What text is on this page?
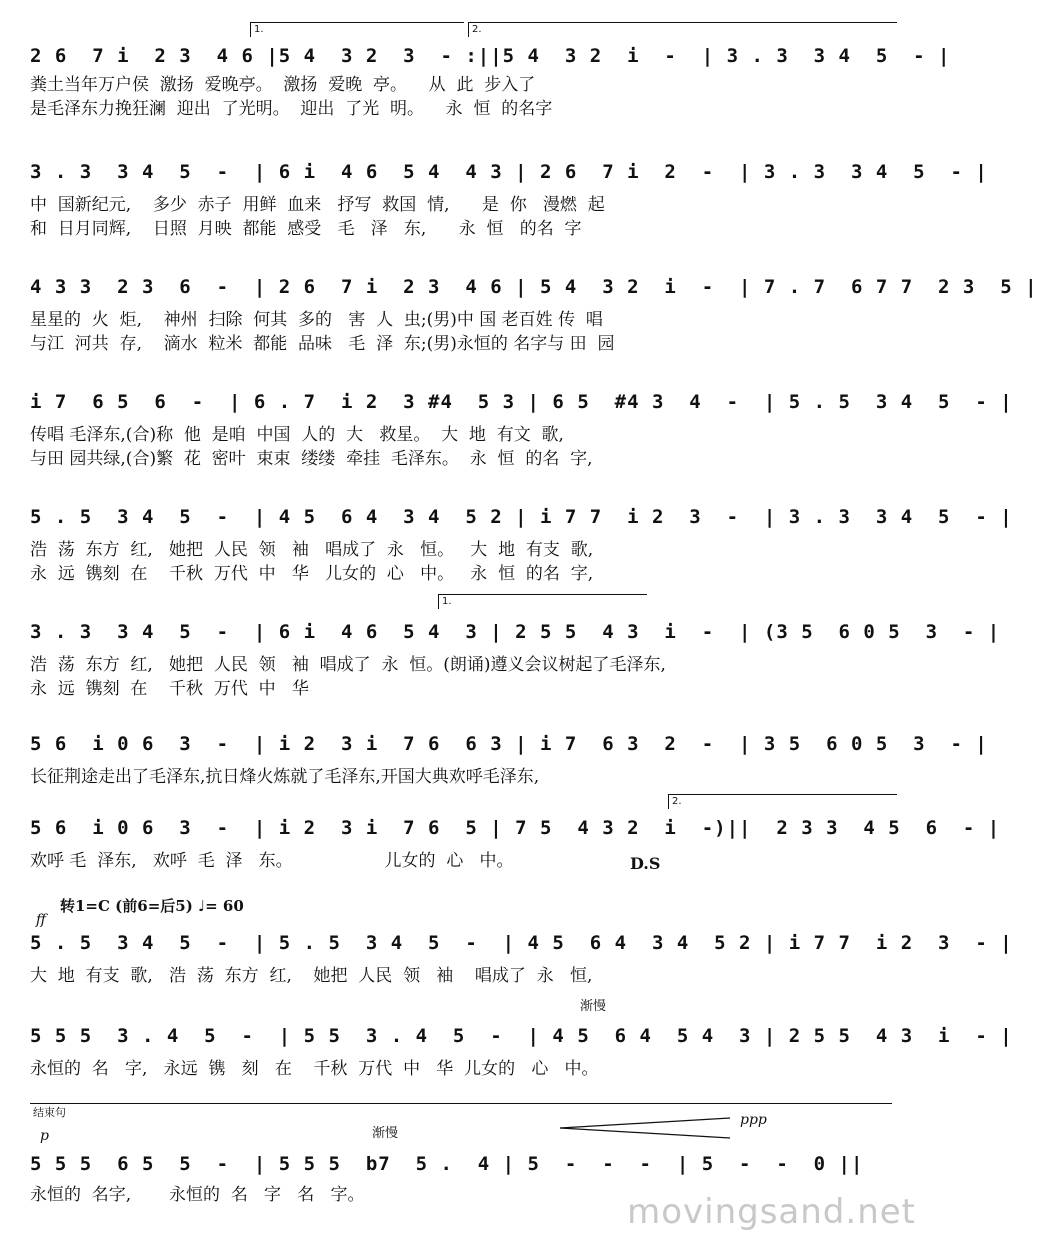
1.	2.
2 6  7 i  2 3  4 6 |5 4  3 2  3  - :||5 4  3 2  i  -  | 3 . 3  3 4  5  - |
粪土当年万户侯  激扬  爱晚亭。  激扬  爱晚  亭。    从  此  步入了
是毛泽东力挽狂澜  迎出  了光明。  迎出  了光  明。    永  恒  的名字
3 . 3  3 4  5  -  | 6 i  4 6  5 4  4 3 | 2 6  7 i  2  -  | 3 . 3  3 4  5  - |
中  国新纪元,    多少  赤子  用鲜  血来   抒写  救国  情,      是  你   漫燃  起
和  日月同辉,    日照  月映  都能  感受   毛   泽   东,      永  恒   的名  字
4 3 3  2 3  6  -  | 2 6  7 i  2 3  4 6 | 5 4  3 2  i  -  | 7 . 7  6 7 7  2 3  5 |
星星的  火  炬,    神州  扫除  何其  多的   害  人  虫;(男)中 国 老百姓 传  唱
与江  河共  存,    滴水  粒米  都能  品味   毛  泽  东;(男)永恒的 名字与 田  园
i 7  6 5  6  -  | 6 . 7  i 2  3 #4  5 3 | 6 5  #4 3  4  -  | 5 . 5  3 4  5  - |
传唱 毛泽东,(合)称  他  是咱  中国  人的  大   救星。  大  地  有文  歌,
与田 园共绿,(合)繁  花  密叶  束束  缕缕  牵挂  毛泽东。  永  恒  的名  字,
5 . 5  3 4  5  -  | 4 5  6 4  3 4  5 2 | i 7 7  i 2  3  -  | 3 . 3  3 4  5  - |
浩  荡  东方  红,   她把  人民  领   袖   唱成了  永   恒。   大  地  有支  歌,
永  远  镌刻  在    千秋  万代  中   华   儿女的  心   中。   永  恒  的名  字,
1.
3 . 3  3 4  5  -  | 6 i  4 6  5 4  3 | 2 5 5  4 3  i  -  | (3 5  6 0 5  3  - |
浩  荡  东方  红,   她把  人民  领   袖  唱成了  永  恒。(朗诵)遵义会议树起了毛泽东,
永  远  镌刻  在    千秋  万代  中   华
5 6  i 0 6  3  -  | i 2  3 i  7 6  6 3 | i 7  6 3  2  -  | 3 5  6 0 5  3  - |
长征荆途走出了毛泽东,抗日烽火炼就了毛泽东,开国大典欢呼毛泽东,
2.
5 6  i 0 6  3  -  | i 2  3 i  7 6  5 | 7 5  4 3 2  i  -)||  2 3 3  4 5  6  - |
欢呼 毛  泽东,   欢呼  毛  泽   东。                 儿女的  心   中。	D.S
转1=C (前6=后5) ♩= 60
ff
5 . 5  3 4  5  -  | 5 . 5  3 4  5  -  | 4 5  6 4  3 4  5 2 | i 7 7  i 2  3  - |
大  地  有支  歌,   浩  荡  东方  红,    她把  人民  领   袖    唱成了  永   恒,
渐慢
5 5 5  3 . 4  5  -  | 5 5  3 . 4  5  -  | 4 5  6 4  5 4  3 | 2 5 5  4 3  i  - |
永恒的  名   字,   永远  镌   刻   在    千秋  万代  中   华  儿女的   心   中。
结束句
p	渐慢
ppp
5 5 5  6 5  5  -  | 5 5 5  b7  5 .  4 | 5  -  -  -  | 5  -  -  0 ||
永恒的  名字,       永恒的  名   字   名   字。	movingsand.net
